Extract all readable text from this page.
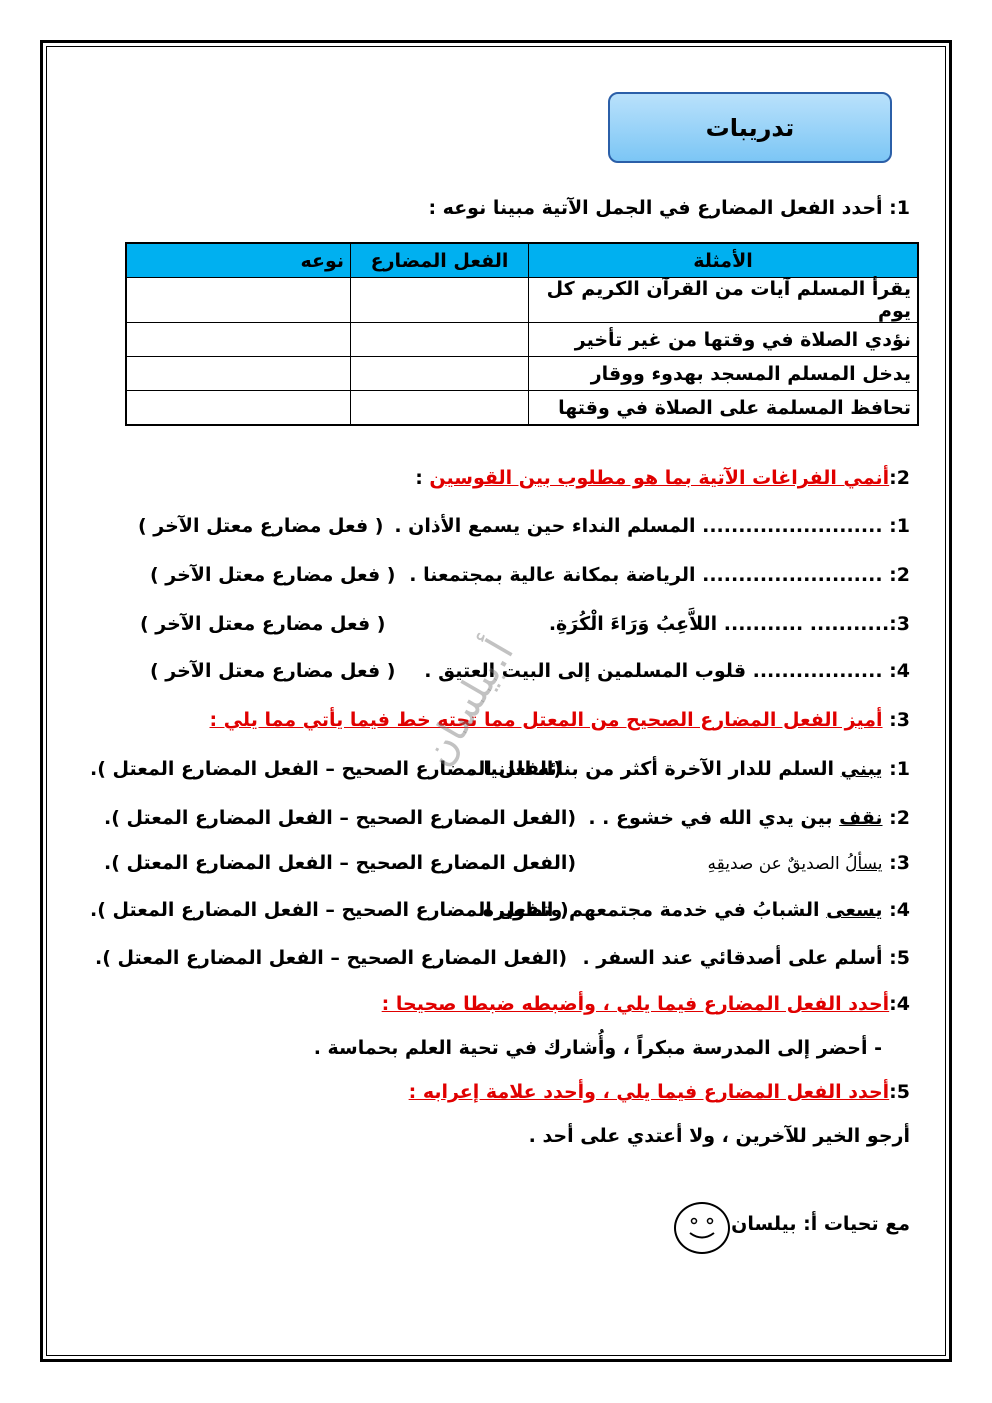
تدريبات
1: أحدد الفعل المضارع في الجمل الآتية مبينا نوعه :
الأمثلة	الفعل المضارع	نوعه
يقرأ المسلم آيات من القرآن الكريم كل يوم		
نؤدي الصلاة في وقتها من غير تأخير		
يدخل المسلم المسجد بهدوء ووقار		
تحافظ المسلمة على الصلاة في وقتها		
2:أنمي الفراغات الآتية بما هو مطلوب بين القوسين :
1: ......................... المسلم النداء حين يسمع الأذان .
( فعل مضارع معتل الآخر )
2: ......................... الرياضة بمكانة عالية بمجتمعنا .
( فعل مضارع معتل الآخر )
3:........... ........... اللاَّعِبُ وَرَاءَ الْكُرَةِ.
( فعل مضارع معتل الآخر )
4: .................. قلوب المسلمين إلى البيت العتيق .
( فعل مضارع معتل الآخر )
3: أميز الفعل المضارع الصحيح من المعتل مما تحته خط فيما يأتي مما يلي :
1: يبني السلم للدار الآخرة أكثر من بنائه للدنيا .
(الفعل المضارع الصحيح – الفعل المضارع المعتل ).
2: نقف بين يدي الله في خشوع . .
(الفعل المضارع الصحيح – الفعل المضارع المعتل ).
3: يسألُ الصديقٌ عن صديقِهِ
(الفعل المضارع الصحيح – الفعل المضارع المعتل ).
4: يسعى الشبابُ في خدمة مجتمعهم وتطويره
( الفعل المضارع الصحيح – الفعل المضارع المعتل ).
5: أسلم على أصدقائي عند السفر .
(الفعل المضارع الصحيح – الفعل المضارع المعتل ).
4:أحدد الفعل المضارع فيما يلي ، وأضبطه ضبطا صحيحا :
- أحضر إلى المدرسة مبكراً ، وأُشارك في تحية العلم بحماسة .
5:أحدد الفعل المضارع فيما يلي ، وأحدد علامة إعرابه :
أرجو الخير للآخرين ، ولا أعتدي على أحد .
مع تحيات أ: بيلسان
أ.بيلسان
